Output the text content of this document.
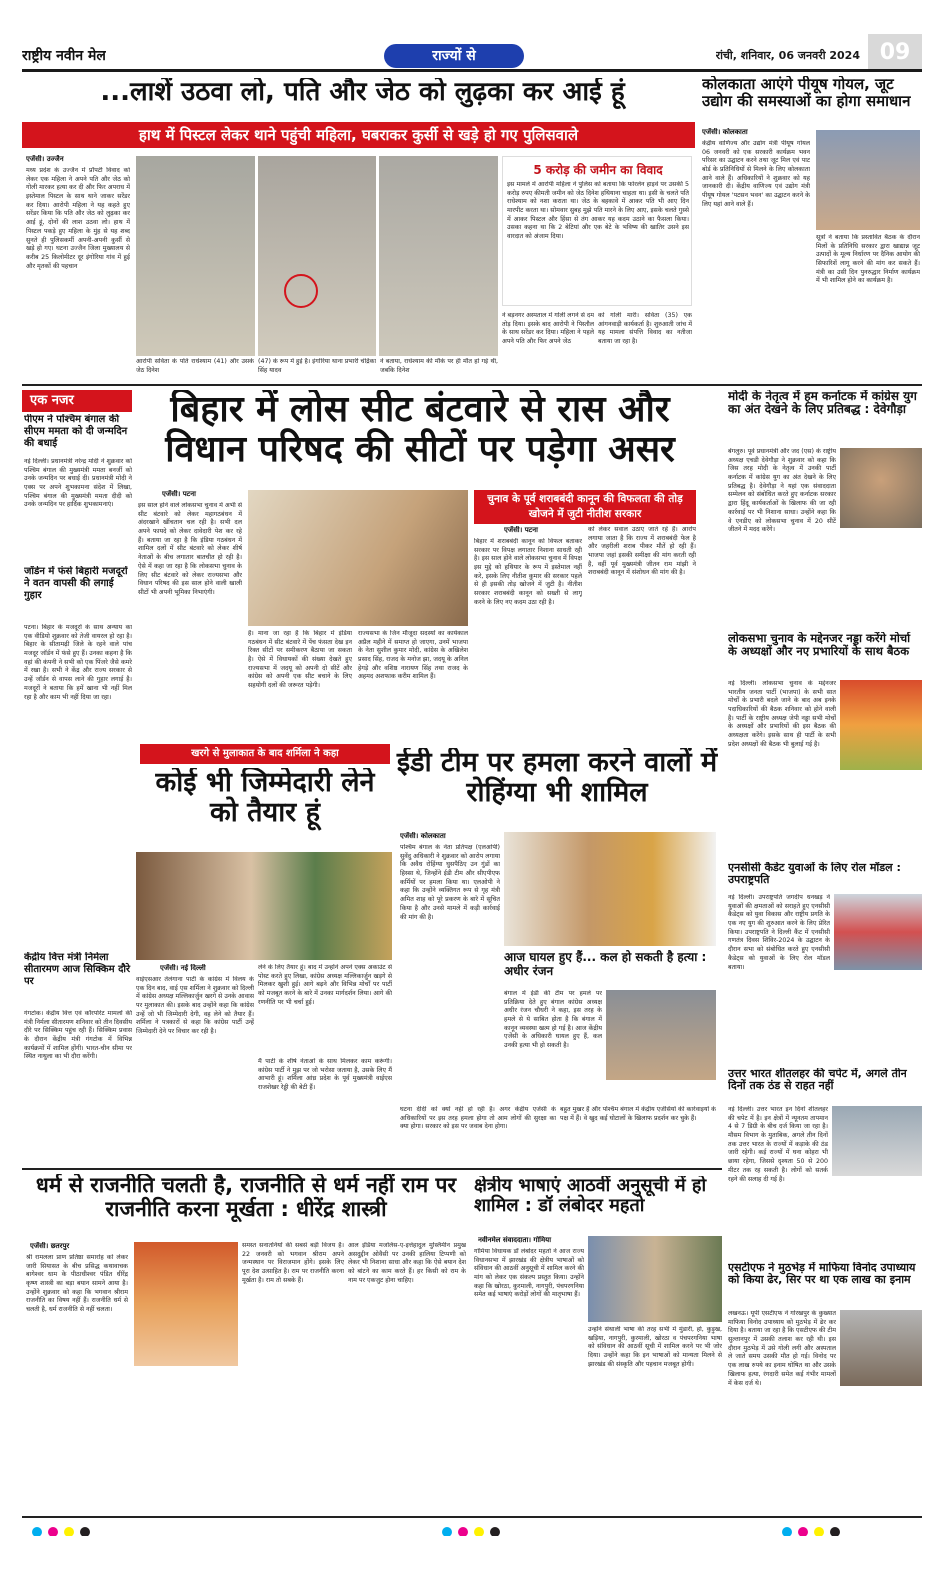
राष्ट्रीय नवीन मेल	राज्यों से	रांची, शनिवार, 06 जनवरी 2024 09
...लाशें उठवा लो, पति और जेठ को लुढ़का कर आई हूं
हाथ में पिस्टल लेकर थाने पहुंची महिला, घबराकर कुर्सी से खड़े हो गए पुलिसवाले
एजेंसी। उज्जैन
मध्य प्रदेश के उज्जैन में प्रॉपर्टी विवाद को लेकर एक महिला ने अपने पति और जेठ को गोली मारकर हत्या कर दी और फिर अपराध में इस्तेमाल पिस्टल के साथ थाने जाकर सरेंडर कर दिया। आरोपी महिला ने यह कहते हुए सरेंडर किया कि पति और जेठ को लुढ़का कर आई हूं, दोनों की लाश उठवा लो। हाथ में पिस्टल पकड़े हुए महिला के मुंह से यह शब्द सुनते ही पुलिसकर्मी अपनी-अपनी कुर्सी से खड़े हो गए। घटना उज्जैन जिला मुख्यालय से करीब 25 किलोमीटर दूर इंगोरिया गांव में हुई और मृतकों की पहचान
आरोपी सविता के पति राधेश्याम (41) और उसके जेठ दिनेश
(47) के रूप में हुई है। इंगोरिया थाना प्रभारी चंद्रिका सिंह यादव
ने बताया, राधेश्याम की मौके पर ही मौत हो गई थी, जबकि दिनेश
5 करोड़ की जमीन का विवाद
इस मामले में आरोपी महिला ने पुलिस को बताया कि फोरलेन हाइवे पर उसकी 5 करोड़ रुपए कीमती जमीन को जेठ दिनेश हथियाना चाहता था। इसी के चलते पति राधेश्याम को नशा कराता था। जेठ के बहकावे में आकर पति भी आए दिन मारपीट करता था। सोमवार सुबह मुझे पति मारने के लिए आए, इसके चलते गुस्से में आकर पिस्टल और हिंसा से तंग आकर यह कदम उठाने का फैसला किया। उसका कहना था कि 2 बेटियां और एक बेटे के भविष्य की खातिर उसने इस वारदात को अंजाम दिया।
ने बड़नगर अस्पताल में गोली लगने से दम तोड़ दिया। इसके बाद आरोपी ने पिस्तौल के साथ सरेंडर कर दिया। महिला ने पहले अपने पति और फिर अपने जेठ
को गोली मारी। सविता (35) एक आंगनवाड़ी कार्यकर्ता है। शुरुआती जांच में यह मामला संपत्ति विवाद का नतीजा बताया जा रहा है।
कोलकाता आएंगे पीयूष गोयल, जूट उद्योग की समस्याओं का होगा समाधान
एजेंसी। कोलकाता
केंद्रीय वाणिज्य और उद्योग मंत्री पीयूष गोयल 06 जनवरी को एक सरकारी कार्यक्रम भवन परिसर का उद्घाटन करने तथा जूट मिल एवं पाट बोर्ड के प्रतिनिधियों से मिलने के लिए कोलकाता आने वाले हैं। अधिकारियों ने शुक्रवार को यह जानकारी दी। केंद्रीय वाणिज्य एवं उद्योग मंत्री पीयूष गोयल 'पटसन भवन' का उद्घाटन करने के लिए यहां आने वाले हैं।
सूत्रों ने बताया कि प्रस्तावित बैठक के दौरान मिलों के प्रतिनिधि सरकार द्वारा खाद्यान्न जूट उत्पादों के मूल्य निर्धारण पर दैनिक आयोग की सिफारिशें लागू करने की मांग कर सकते हैं। मंत्री का उसी दिन पुनरुद्धार निर्माण कार्यक्रम में भी शामिल होने का कार्यक्रम है।
एक नजर
पीएम ने पश्चिम बंगाल की सीएम ममता को दी जन्मदिन की बधाई
नई दिल्ली। प्रधानमंत्री नरेन्द्र मोदी ने शुक्रवार को पश्चिम बंगाल की मुख्यमंत्री ममता बनर्जी को उनके जन्मदिन पर बधाई दी। प्रधानमंत्री मोदी ने एक्स पर अपने शुभकामना संदेश में लिखा, पश्चिम बंगाल की मुख्यमंत्री ममता दीदी को उनके जन्मदिन पर हार्दिक शुभकामनाएं।
जॉर्डन में फंसे बिहारी मजदूरों ने वतन वापसी की लगाई गुहार
पटना। बिहार के मजदूरों के साथ अन्याय का एक वीडियो शुक्रवार को तेजी वायरल हो रहा है। बिहार के सीतामढ़ी जिले के रहने वाले पांच मजदूर जॉर्डन में फंसे हुए हैं। उनका कहना है कि वहां की कंपनी ने सभी को एक पिंजरे जैसे कमरे में रखा है। सभी ने केंद्र और राज्य सरकार से उन्हें जॉर्डन से वापस लाने की गुहार लगाई है। मजदूरों ने बताया कि हमें खाना भी नहीं मिल रहा है और काम भी नहीं दिया जा रहा।
केंद्रीय वित्त मंत्री निर्मला सीतारमण आज सिक्किम दौरे पर
गंगटोक। केंद्रीय वित्त एवं कॉरपोरेट मामलों की मंत्री निर्मला सीतारमण शनिवार को तीन दिवसीय दौरे पर सिक्किम पहुंच रही हैं। सिक्किम प्रवास के दौरान केंद्रीय मंत्री गंगटोक में विभिन्न कार्यक्रमों में शामिल होंगी। भारत-चीन सीमा पर स्थित नाथुला का भी दौरा करेंगी।
बिहार में लोस सीट बंटवारे से रास और विधान परिषद की सीटों पर पड़ेगा असर
एजेंसी। पटना
इस साल होने वाले लोकसभा चुनाव में अभी से सीट बंटवारे को लेकर महागठबंधन में अंदरखाने खींचतान चल रही है। सभी दल अपने फायदे को लेकर दावेदारी पेश कर रहे हैं। बताया जा रहा है कि इंडिया गठबंधन में शामिल दलों में सीट बंटवारे को लेकर शीर्ष नेताओं के बीच लगातार बातचीत हो रही है। ऐसे में कहा जा रहा है कि लोकसभा चुनाव के लिए सीट बंटवारे को लेकर राज्यसभा और विधान परिषद की इस साल होने वाली खाली सीटों भी अपनी भूमिका निभाएंगी।
है। माना जा रहा है कि बिहार में इंडिया गठबंधन में सीट बंटवारे में पेंच फंसता देख इन रिक्त सीटों पर समीकरण बैठाया जा सकता है। ऐसे में विधायकों की संख्या देखते हुए राज्यसभा में जदयू को अपनी दो सीटें और कांग्रेस को अपनी एक सीट बचाने के लिए सहयोगी दलों की जरूरत पड़ेगी।
राज्यसभा के जिन मौजूदा सदस्यों का कार्यकाल अप्रैल महीने में समाप्त हो जाएगा, उनमें भाजपा के नेता सुशील कुमार मोदी, कांग्रेस के अखिलेश प्रसाद सिंह, राजद के मनोज झा, जदयू के अनिल हेगड़े और वशिष्ठ नारायण सिंह तथा राजद के अहमद अशफाक करीम शामिल हैं।
चुनाव के पूर्व शराबबंदी कानून की विफलता की तोड़ खोजने में जुटी नीतीश सरकार
एजेंसी। पटना
बिहार में शराबबंदी कानून को विफल बताकर सरकार पर विपक्ष लगातार निशाना साधती रही है। इस साल होने वाले लोकसभा चुनाव में विपक्ष इस मुद्दे को हथियार के रूप में इस्तेमाल नहीं करे, इसके लिए नीतीश कुमार की सरकार पहले से ही इसकी तोड़ खोजने में जुटी है। नीतीश सरकार शराबबंदी कानून को सख्ती से लागू करने के लिए नए कदम उठा रही है।
को लेकर सवाल उठाए जाते रहे हैं। आरोप लगाया जाता है कि राज्य में शराबबंदी फेल है और जहरीली शराब पीकर मौतें हो रही हैं। भाजपा जहां इसकी समीक्षा की मांग करती रही है, वहीं पूर्व मुख्यमंत्री जीतन राम मांझी ने शराबबंदी कानून में संशोधन की मांग की है।
खरगे से मुलाकात के बाद शर्मिला ने कहा
कोई भी जिम्मेदारी लेने को तैयार हूं
एजेंसी। नई दिल्ली
वाईएसआर तेलंगाना पार्टी के कांग्रेस में विलय के एक दिन बाद, वाई एस शर्मिला ने शुक्रवार को दिल्ली में कांग्रेस अध्यक्ष मल्लिकार्जुन खरगे से उनके आवास पर मुलाकात की। इसके बाद उन्होंने कहा कि कांग्रेस उन्हें जो भी जिम्मेदारी देगी, वह लेने को तैयार हैं। शर्मिला ने पत्रकारों से कहा कि कांग्रेस पार्टी उन्हें जिम्मेदारी देने पर विचार कर रही है।
लेने के लिए तैयार हूं। बाद में उन्होंने अपने एक्स अकाउंट से पोस्ट करते हुए लिखा, कांग्रेस अध्यक्ष मल्लिकार्जुन खड़गे से मिलकर खुशी हुई। आगे बढ़ने और विभिन्न मोर्चों पर पार्टी को मजबूत करने के बारे में उनका मार्गदर्शन लिया। आगे की रणनीति पर भी चर्चा हुई।
मैं पार्टी के शीर्ष नेताओं के साथ मिलकर काम करूंगी। कांग्रेस पार्टी ने मुझ पर जो भरोसा जताया है, उसके लिए मैं आभारी हूं। शर्मिला आंध्र प्रदेश के पूर्व मुख्यमंत्री वाईएस राजशेखर रेड्डी की बेटी हैं।
ईडी टीम पर हमला करने वालों में रोहिंग्या भी शामिल
एजेंसी। कोलकाता
पश्चिम बंगाल के नेता प्रतिपक्ष (एलओपी) सुवेंदु अधिकारी ने शुक्रवार को आरोप लगाया कि अवैध रोहिंग्या घुसपैठिए उन गुंडों का हिस्सा थे, जिन्होंने ईडी टीम और सीएपीएफ कर्मियों पर हमला किया था। एलओपी ने कहा कि उन्होंने व्यक्तिगत रूप से गृह मंत्री अमित शाह को पूरे प्रकरण के बारे में सूचित किया है और उनसे मामले में कड़ी कार्रवाई की मांग की है।
आज घायल हुए हैं... कल हो सकती है हत्या : अधीर रंजन
बंगाल में ईडी की टीम पर हमले पर प्रतिक्रिया देते हुए बंगाल कांग्रेस अध्यक्ष अधीर रंजन चौधरी ने कहा, इस तरह के हमले से ये साबित होता है कि बंगाल में कानून व्यवस्था खत्म हो गई है। आज केंद्रीय एजेंसी के अधिकारी घायल हुए हैं, कल उनकी हत्या भी हो सकती है।
घटना दीदी को क्यों नहीं हो रही है। अगर केंद्रीय एजेंसी के अधिकारियों पर इस तरह हमला होगा तो आम लोगों की सुरक्षा का क्या होगा। सरकार को इस पर जवाब देना होगा।
बहुत मुखर हैं और पश्चिम बंगाल में केंद्रीय एजेंसियों की कार्रवाइयों के पक्ष में हैं। वे खुद कई घोटालों के खिलाफ प्रदर्शन कर चुके हैं।
धर्म से राजनीति चलती है, राजनीति से धर्म नहीं राम पर राजनीति करना मूर्खता : धीरेंद्र शास्त्री
एजेंसी। छतरपुर
श्री रामलला प्राण प्रतिष्ठा समारोह को लेकर जारी सियासत के बीच प्रसिद्ध कथावाचक बागेश्वर धाम के पीठाधीश्वर पंडित धीरेंद्र कृष्ण शास्त्री का बड़ा बयान सामने आया है। उन्होंने शुक्रवार को कहा कि भगवान श्रीराम राजनीति का विषय नहीं हैं। राजनीति धर्म से चलती है, धर्म राजनीति से नहीं चलता।
समस्त सनातनियों की सबसे बड़ी विजय है। 22 जनवरी को भगवान श्रीराम अपने जन्मस्थान पर विराजमान होंगे। इसके लिए पूरा देश उत्साहित है। राम पर राजनीति करना मूर्खता है। राम तो सबके हैं।
आल इंडिया मजलिस-ए-इत्तेहादुल मुस्लिमीन प्रमुख असदुद्दीन ओवैसी पर उनकी हालिया टिप्पणी को लेकर भी निशाना साधा और कहा कि ऐसे बयान देश को बांटने का काम करते हैं। हर किसी को राम के नाम पर एकजुट होना चाहिए।
क्षेत्रीय भाषाएं आठवीं अनुसूची में हो शामिल : डॉ लंबोदर महतो
नवीनमेल संवाददाता। गोमिया
गोमिया विधायक डॉ लंबोदर महतो ने आज राज्य विधानसभा में झारखंड की क्षेत्रीय भाषाओं को संविधान की आठवीं अनुसूची में शामिल करने की मांग को लेकर एक संकल्प प्रस्तुत किया। उन्होंने कहा कि खोरठा, कुरमाली, नागपुरी, पंचपरगनिया समेत कई भाषाएं करोड़ों लोगों की मातृभाषा हैं।
उन्होंने संथाली भाषा की तरह सभी में मुंडारी, हो, कुड़ुख, खड़िया, नागपुरी, कुरमाली, खोरठा व पंचपरगनिया भाषा को संविधान की आठवीं सूची में शामिल करने पर भी जोर दिया। उन्होंने कहा कि इन भाषाओं को मान्यता मिलने से झारखंड की संस्कृति और पहचान मजबूत होगी।
मोदी के नेतृत्व में हम कर्नाटक में कांग्रेस युग का अंत देखने के लिए प्रतिबद्ध : देवेगौड़ा
बेंगलुरु। पूर्व प्रधानमंत्री और जद (एस) के राष्ट्रीय अध्यक्ष एचडी देवेगौड़ा ने शुक्रवार को कहा कि जिस तरह मोदी के नेतृत्व में उनकी पार्टी कर्नाटक में कांग्रेस युग का अंत देखने के लिए प्रतिबद्ध है। देवेगौड़ा ने यहां एक संवाददाता सम्मेलन को संबोधित करते हुए कर्नाटक सरकार द्वारा हिंदू कार्यकर्ताओं के खिलाफ की जा रही कार्रवाई पर भी निशाना साधा। उन्होंने कहा कि वे एनडीए को लोकसभा चुनाव में 20 सीटें जीतने में मदद करेंगे।
लोकसभा चुनाव के मद्देनजर नड्डा करेंगे मोर्चा के अध्यक्षों और नए प्रभारियों के साथ बैठक
नई दिल्ली। लोकसभा चुनाव के मद्देनजर भारतीय जनता पार्टी (भाजपा) के सभी सात मोर्चों के प्रभारी बदले जाने के बाद अब इनके पदाधिकारियों की बैठक शनिवार को होने वाली है। पार्टी के राष्ट्रीय अध्यक्ष जेपी नड्डा सभी मोर्चों के अध्यक्षों और प्रभारियों की इस बैठक की अध्यक्षता करेंगे। इसके साथ ही पार्टी के सभी प्रदेश अध्यक्षों की बैठक भी बुलाई गई है।
एनसीसी कैडेट युवाओं के लिए रोल मॉडल : उपराष्ट्रपति
नई दिल्ली। उपराष्ट्रपति जगदीप धनखड़ ने युवाओं की क्षमताओं को सराहते हुए एनसीसी कैडेट्स को युवा विकास और राष्ट्रीय प्रगति के एक नए युग की शुरुआत करने के लिए प्रेरित किया। उपराष्ट्रपति ने दिल्ली कैंट में एनसीसी गणतंत्र दिवस शिविर-2024 के उद्घाटन के दौरान सभा को संबोधित करते हुए एनसीसी कैडेट्स को युवाओं के लिए रोल मॉडल बताया।
उत्तर भारत शीतलहर की चपेट में, अगले तीन दिनों तक ठंड से राहत नहीं
नई दिल्ली। उत्तर भारत इन दिनों शीतलहर की चपेट में है। इन क्षेत्रों में न्यूनतम तापमान 4 से 7 डिग्री के बीच दर्ज किया जा रहा है। मौसम विभाग के मुताबिक, अगले तीन दिनों तक उत्तर भारत के राज्यों में कड़ाके की ठंड जारी रहेगी। कई राज्यों में घना कोहरा भी छाया रहेगा, जिससे दृश्यता 50 से 200 मीटर तक रह सकती है। लोगों को सतर्क रहने की सलाह दी गई है।
एसटीएफ ने मुठभेड़ में माफिया विनोद उपाध्याय को किया ढेर, सिर पर था एक लाख का इनाम
लखनऊ। यूपी एसटीएफ ने गोरखपुर के कुख्यात माफिया विनोद उपाध्याय को मुठभेड़ में ढेर कर दिया है। बताया जा रहा है कि एसटीएफ की टीम सुल्तानपुर में उसकी तलाश कर रही थी। इस दौरान मुठभेड़ में उसे गोली लगी और अस्पताल ले जाते समय उसकी मौत हो गई। विनोद पर एक लाख रुपये का इनाम घोषित था और उसके खिलाफ हत्या, रंगदारी समेत कई गंभीर मामलों में केस दर्ज थे।
